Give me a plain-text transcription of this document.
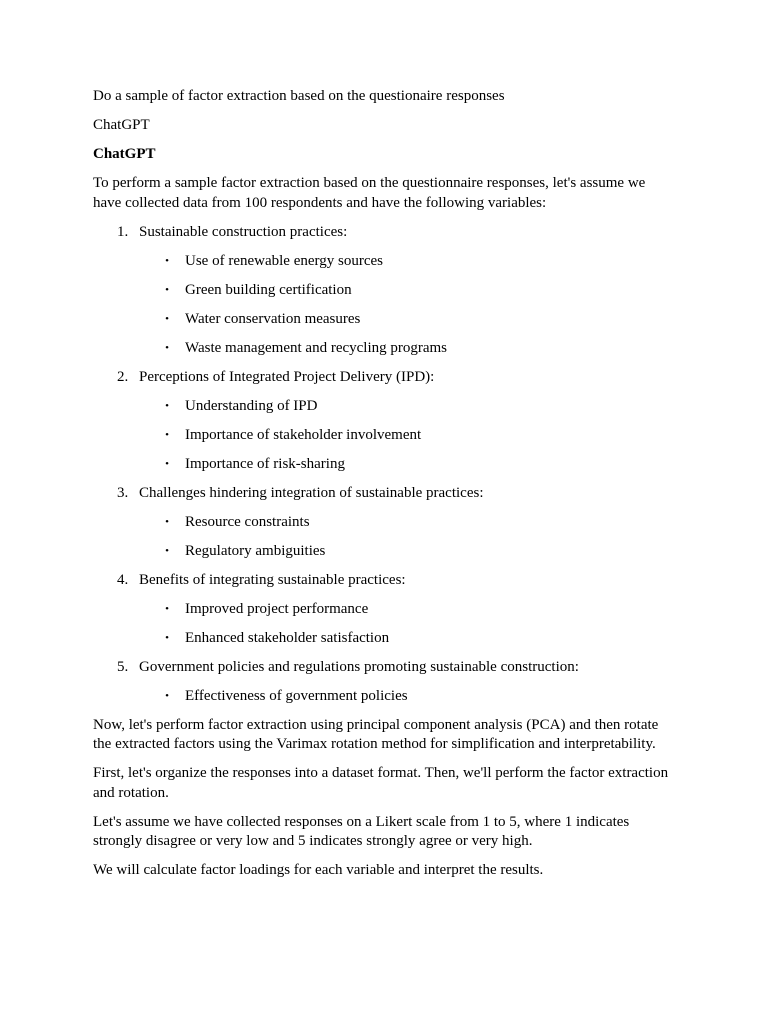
Do a sample of factor extraction based on the questionaire responses

ChatGPT

ChatGPT

To perform a sample factor extraction based on the questionnaire responses, let's assume we have collected data from 100 respondents and have the following variables:

1. Sustainable construction practices:
•	Use of renewable energy sources
•	Green building certification
•	Water conservation measures
•	Waste management and recycling programs
2. Perceptions of Integrated Project Delivery (IPD):
•	Understanding of IPD
•	Importance of stakeholder involvement
•	Importance of risk-sharing
3. Challenges hindering integration of sustainable practices:
•	Resource constraints
•	Regulatory ambiguities
4. Benefits of integrating sustainable practices:
•	Improved project performance
•	Enhanced stakeholder satisfaction
5. Government policies and regulations promoting sustainable construction:
•	Effectiveness of government policies

Now, let's perform factor extraction using principal component analysis (PCA) and then rotate the extracted factors using the Varimax rotation method for simplification and interpretability.

First, let's organize the responses into a dataset format. Then, we'll perform the factor extraction and rotation.

Let's assume we have collected responses on a Likert scale from 1 to 5, where 1 indicates strongly disagree or very low and 5 indicates strongly agree or very high.

We will calculate factor loadings for each variable and interpret the results.
